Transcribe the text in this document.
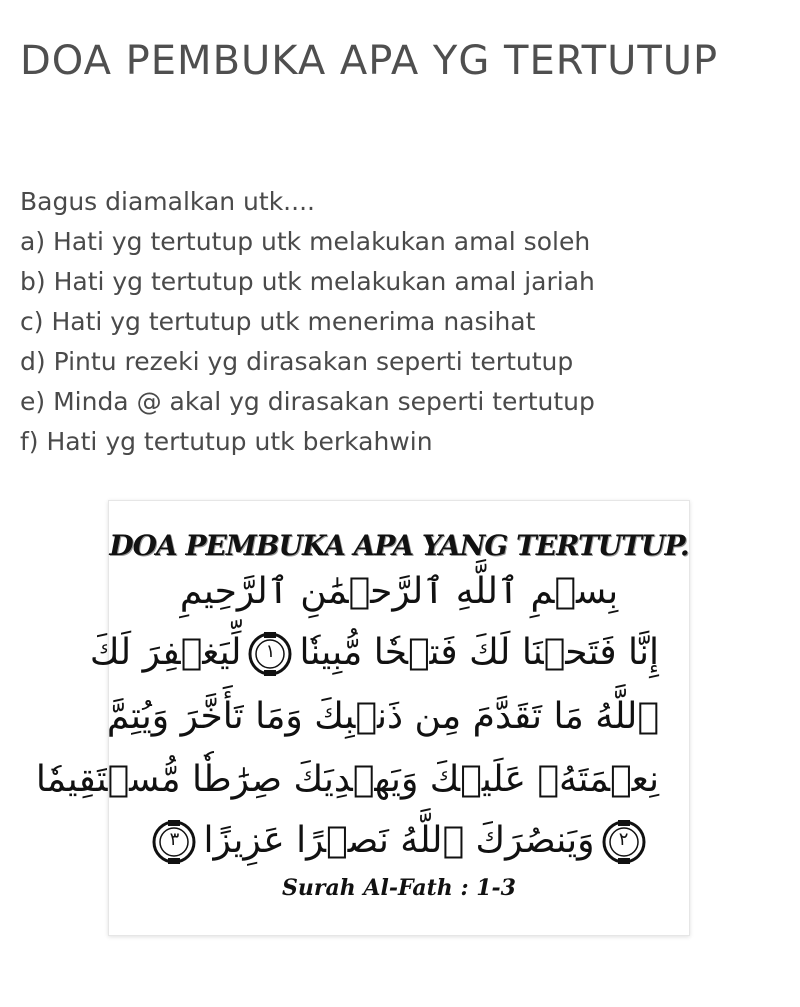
DOA PEMBUKA APA YG TERTUTUP
Bagus diamalkan utk....
a) Hati yg tertutup utk melakukan amal soleh
b) Hati yg tertutup utk melakukan amal jariah
c) Hati yg tertutup utk menerima nasihat
d) Pintu rezeki yg dirasakan seperti tertutup
e) Minda @ akal yg dirasakan seperti tertutup
f) Hati yg tertutup utk berkahwin
DOA PEMBUKA APA YANG TERTUTUP.
بِسۡمِ ٱللَّهِ ٱلرَّحۡمَٰنِ ٱلرَّحِيمِ
إِنَّا فَتَحۡنَا لَكَ فَتۡحٗا مُّبِينٗا
١
لِّيَغۡفِرَ لَكَ
ٱللَّهُ مَا تَقَدَّمَ مِن ذَنۢبِكَ وَمَا تَأَخَّرَ وَيُتِمَّ
نِعۡمَتَهُۥ عَلَيۡكَ وَيَهۡدِيَكَ صِرَٰطٗا مُّسۡتَقِيمٗا
٢
وَيَنصُرَكَ ٱللَّهُ نَصۡرًا عَزِيزًا
٣
Surah Al-Fath : 1-3
